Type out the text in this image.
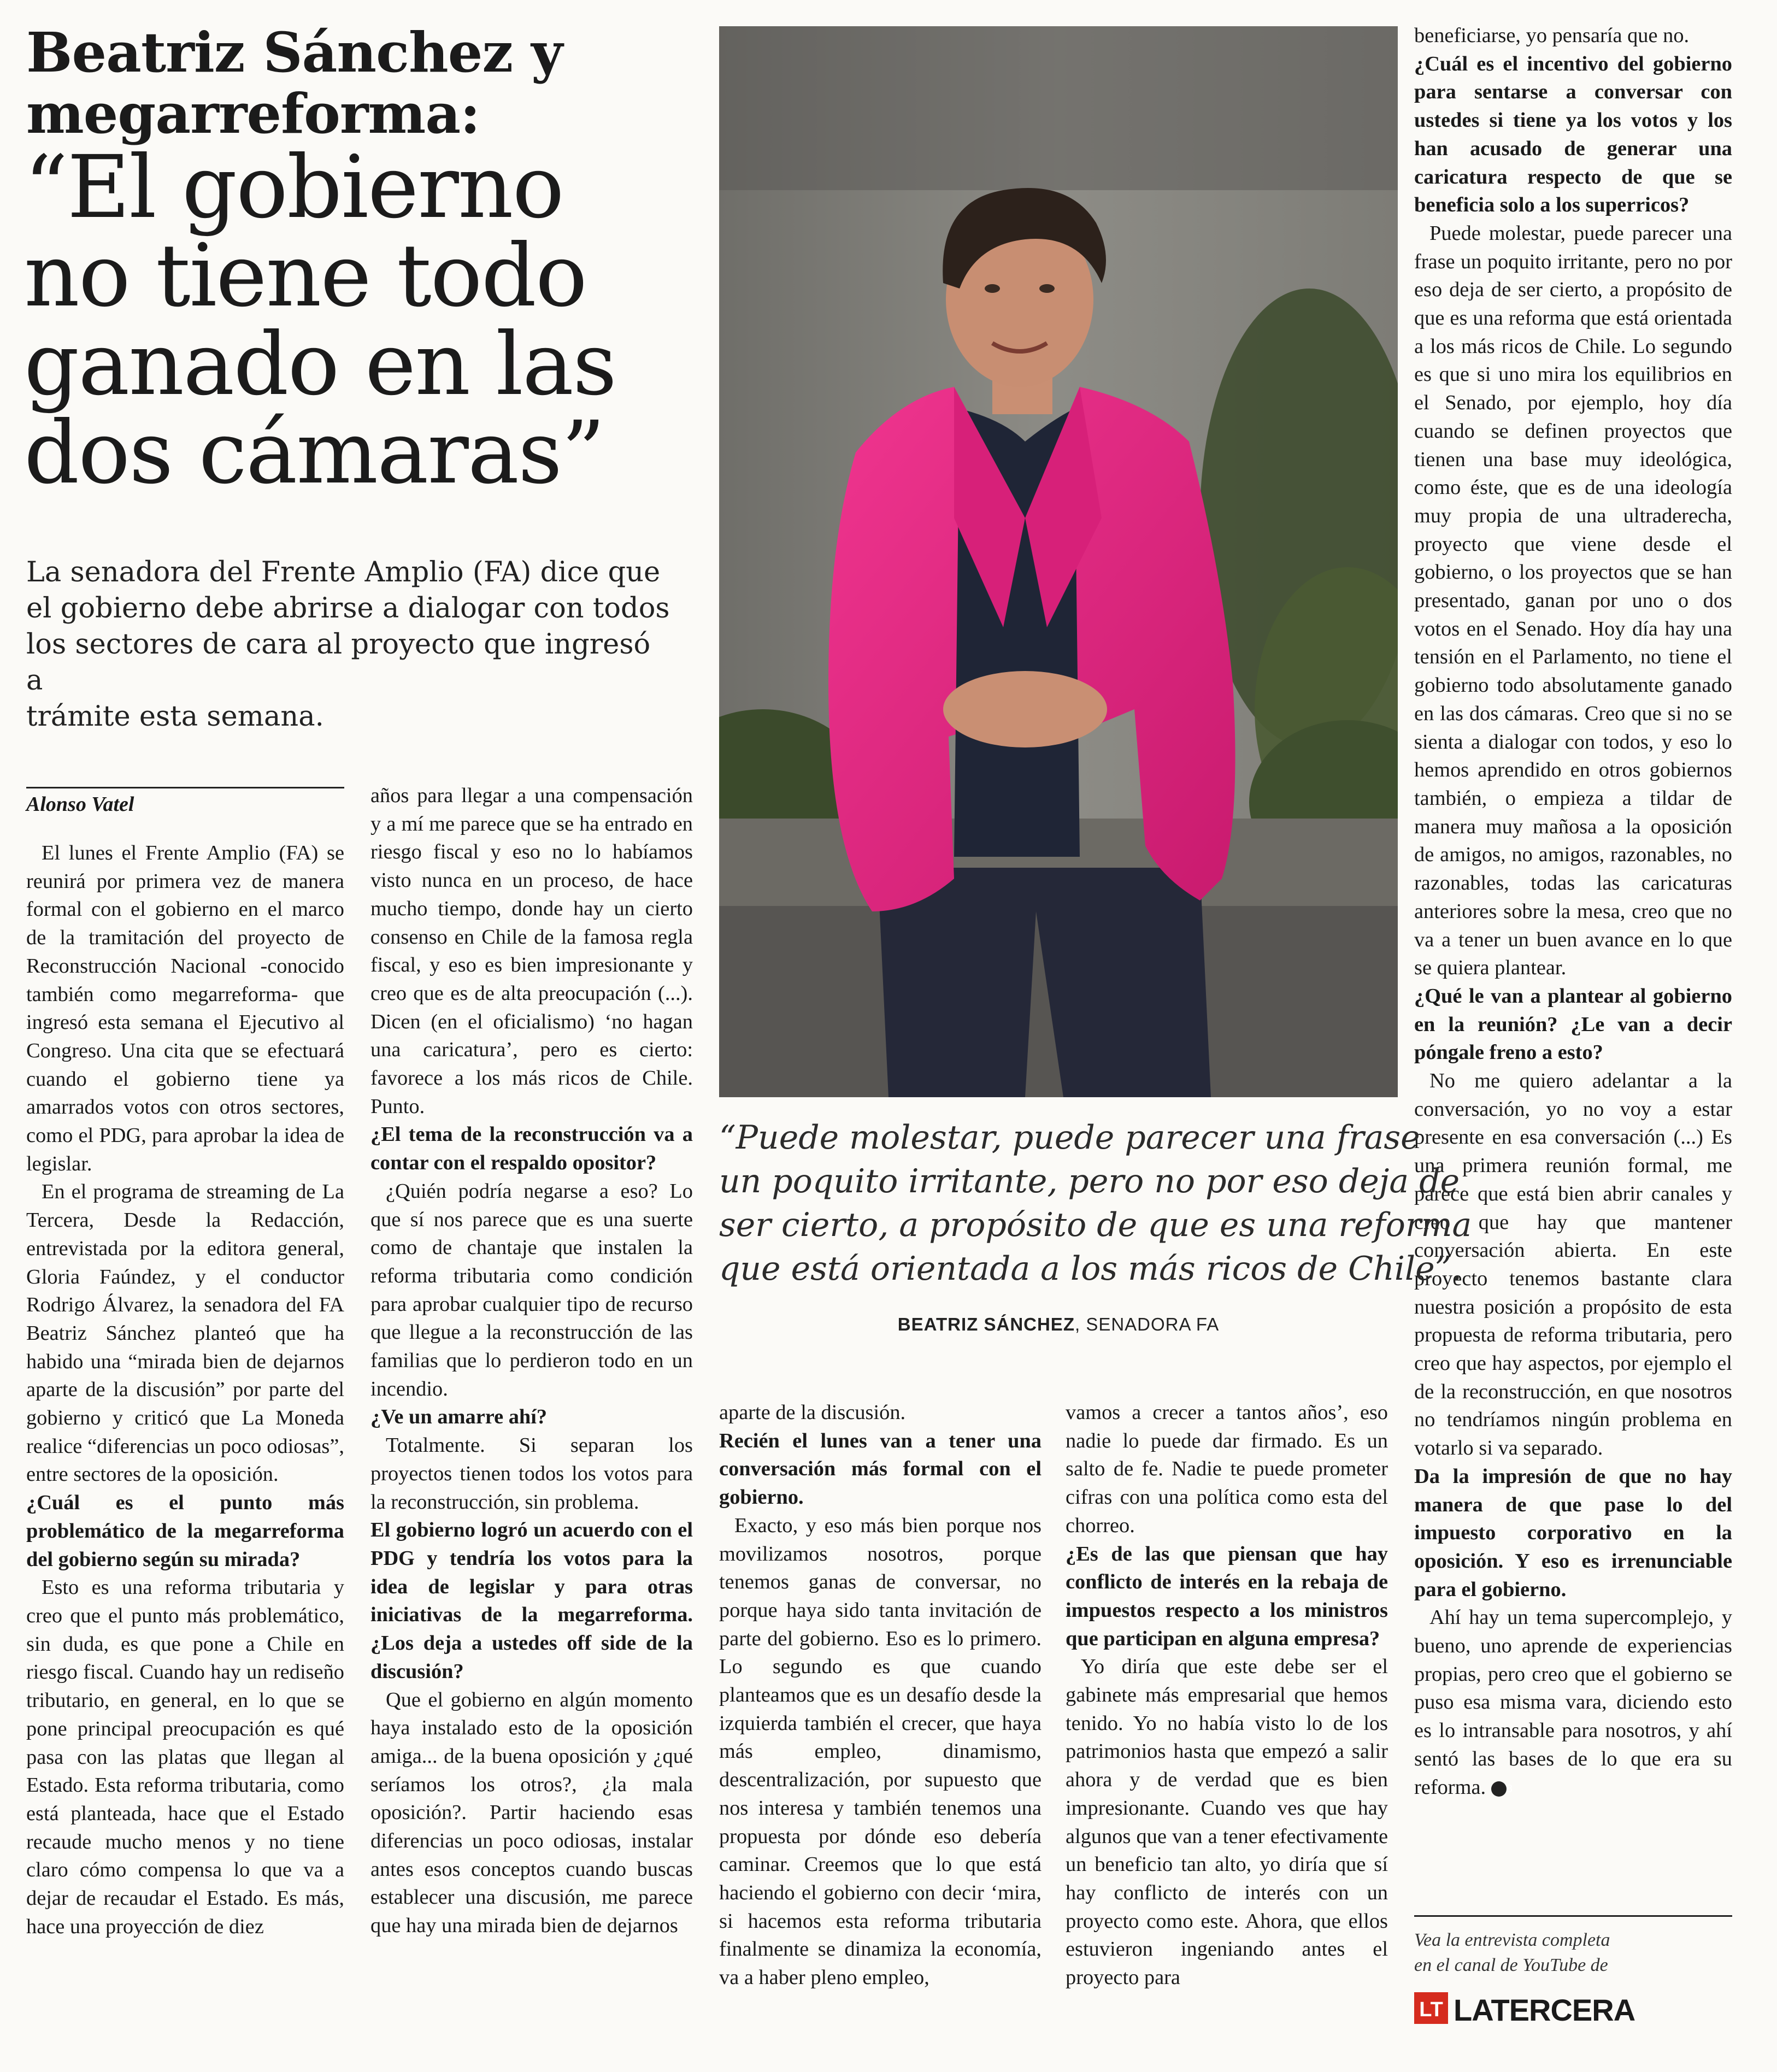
Beatriz Sánchez y
megarreforma:
“El gobierno
no tiene todo
ganado en las
dos cámaras”
La senadora del Frente Amplio (FA) dice que
el gobierno debe abrirse a dialogar con todos
los sectores de cara al proyecto que ingresó a
trámite esta semana.
Alonso Vatel

El lunes el Frente Amplio (FA) se reunirá por primera vez de manera formal con el gobierno en el marco de la tramitación del proyecto de Reconstrucción Nacional -conocido también como megarreforma- que ingresó esta semana el Ejecutivo al Congreso. Una cita que se efectuará cuando el gobierno tiene ya amarrados votos con otros sectores, como el PDG, para aprobar la idea de legislar.

En el programa de streaming de La Tercera, Desde la Redacción, entrevistada por la editora general, Gloria Faúndez, y el conductor Rodrigo Álvarez, la senadora del FA Beatriz Sánchez planteó que ha habido una “mirada bien de dejarnos aparte de la discusión” por parte del gobierno y criticó que La Moneda realice “diferencias un poco odiosas”, entre sectores de la oposición.

¿Cuál es el punto más problemático de la megarreforma del gobierno según su mirada?

Esto es una reforma tributaria y creo que el punto más problemático, sin duda, es que pone a Chile en riesgo fiscal. Cuando hay un rediseño tributario, en general, en lo que se pone principal preocupación es qué pasa con las platas que llegan al Estado. Esta reforma tributaria, como está planteada, hace que el Estado recaude mucho menos y no tiene claro cómo compensa lo que va a dejar de recaudar el Estado. Es más, hace una proyección de diez

años para llegar a una compensación y a mí me parece que se ha entrado en riesgo fiscal y eso no lo habíamos visto nunca en un proceso, de hace mucho tiempo, donde hay un cierto consenso en Chile de la famosa regla fiscal, y eso es bien impresionante y creo que es de alta preocupación (...). Dicen (en el oficialismo) ‘no hagan una caricatura’, pero es cierto: favorece a los más ricos de Chile. Punto.

¿El tema de la reconstrucción va a contar con el respaldo opositor?

¿Quién podría negarse a eso? Lo que sí nos parece que es una suerte como de chantaje que instalen la reforma tributaria como condición para aprobar cualquier tipo de recurso que llegue a la reconstrucción de las familias que lo perdieron todo en un incendio.

¿Ve un amarre ahí?

Totalmente. Si separan los proyectos tienen todos los votos para la reconstrucción, sin problema.

El gobierno logró un acuerdo con el PDG y tendría los votos para la idea de legislar y para otras iniciativas de la megarreforma. ¿Los deja a ustedes off side de la discusión?

Que el gobierno en algún momento haya instalado esto de la oposición amiga... de la buena oposición y ¿qué seríamos los otros?, ¿la mala oposición?. Partir haciendo esas diferencias un poco odiosas, instalar antes esos conceptos cuando buscas establecer una discusión, me parece que hay una mirada bien de dejarnos

aparte de la discusión.

Recién el lunes van a tener una conversación más formal con el gobierno.

Exacto, y eso más bien porque nos movilizamos nosotros, porque tenemos ganas de conversar, no porque haya sido tanta invitación de parte del gobierno. Eso es lo primero. Lo segundo es que cuando planteamos que es un desafío desde la izquierda también el crecer, que haya más empleo, dinamismo, descentralización, por supuesto que nos interesa y también tenemos una propuesta por dónde eso debería caminar. Creemos que lo que está haciendo el gobierno con decir ‘mira, si hacemos esta reforma tributaria finalmente se dinamiza la economía, va a haber pleno empleo,

vamos a crecer a tantos años’, eso nadie lo puede dar firmado. Es un salto de fe. Nadie te puede prometer cifras con una política como esta del chorreo.

¿Es de las que piensan que hay conflicto de interés en la rebaja de impuestos respecto a los ministros que participan en alguna empresa?

Yo diría que este debe ser el gabinete más empresarial que hemos tenido. Yo no había visto lo de los patrimonios hasta que empezó a salir ahora y de verdad que es bien impresionante. Cuando ves que hay algunos que van a tener efectivamente un beneficio tan alto, yo diría que sí hay conflicto de interés con un proyecto como este. Ahora, que ellos estuvieron ingeniando antes el proyecto para

beneficiarse, yo pensaría que no.

¿Cuál es el incentivo del gobierno para sentarse a conversar con ustedes si tiene ya los votos y los han acusado de generar una caricatura respecto de que se beneficia solo a los superricos?

Puede molestar, puede parecer una frase un poquito irritante, pero no por eso deja de ser cierto, a propósito de que es una reforma que está orientada a los más ricos de Chile. Lo segundo es que si uno mira los equilibrios en el Senado, por ejemplo, hoy día cuando se definen proyectos que tienen una base muy ideológica, como éste, que es de una ideología muy propia de una ultraderecha, proyecto que viene desde el gobierno, o los proyectos que se han presentado, ganan por uno o dos votos en el Senado. Hoy día hay una tensión en el Parlamento, no tiene el gobierno todo absolutamente ganado en las dos cámaras. Creo que si no se sienta a dialogar con todos, y eso lo hemos aprendido en otros gobiernos también, o empieza a tildar de manera muy mañosa a la oposición de amigos, no amigos, razonables, no razonables, todas las caricaturas anteriores sobre la mesa, creo que no va a tener un buen avance en lo que se quiera plantear.

¿Qué le van a plantear al gobierno en la reunión? ¿Le van a decir póngale freno a esto?

No me quiero adelantar a la conversación, yo no voy a estar presente en esa conversación (...) Es una primera reunión formal, me parece que está bien abrir canales y creo que hay que mantener conversación abierta. En este proyecto tenemos bastante clara nuestra posición a propósito de esta propuesta de reforma tributaria, pero creo que hay aspectos, por ejemplo el de la reconstrucción, en que nosotros no tendríamos ningún problema en votarlo si va separado.

Da la impresión de que no hay manera de que pase lo del impuesto corporativo en la oposición. Y eso es irrenunciable para el gobierno.

Ahí hay un tema supercomplejo, y bueno, uno aprende de experiencias propias, pero creo que el gobierno se puso esa misma vara, diciendo esto es lo intransable para nosotros, y ahí sentó las bases de lo que era su reforma. 8

“Puede molestar, puede parecer una frase
un poquito irritante, pero no por eso deja de
ser cierto, a propósito de que es una reforma
que está orientada a los más ricos de Chile”.
BEATRIZ SÁNCHEZ, SENADORA FA
Vea la entrevista completa
en el canal de YouTube de
LT LATERCERA
